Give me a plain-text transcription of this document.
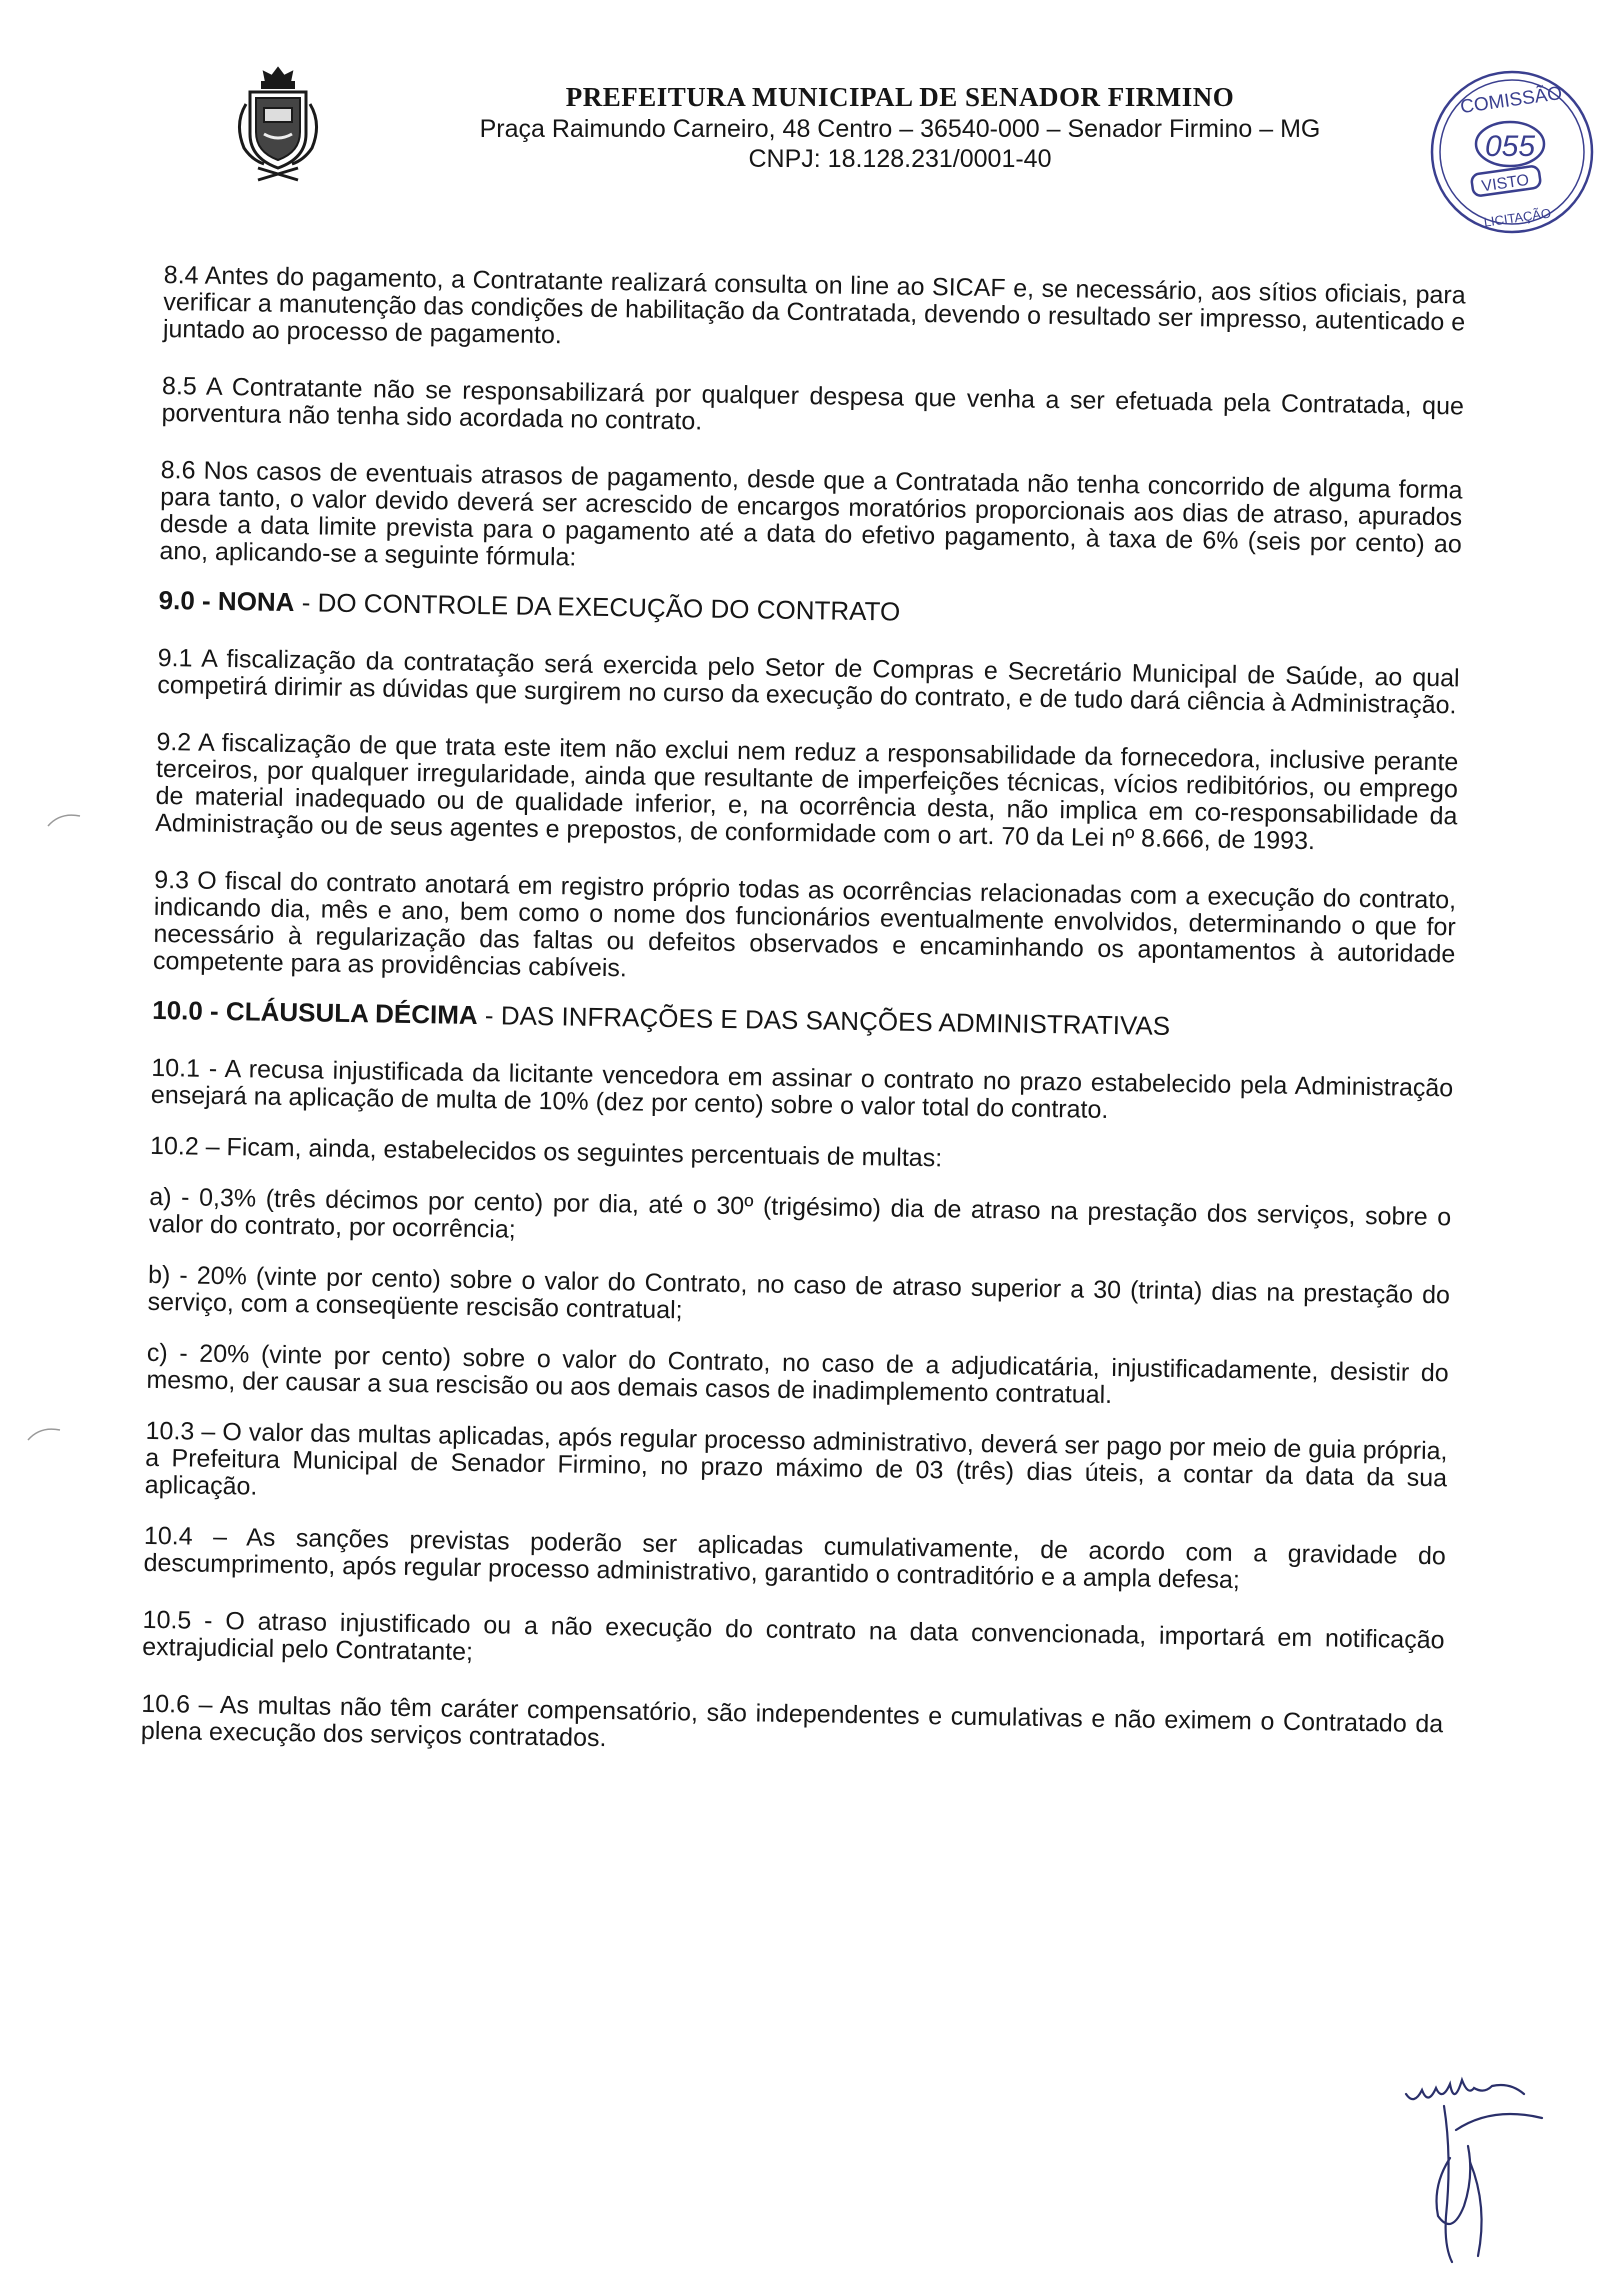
PREFEITURA MUNICIPAL DE SENADOR FIRMINO
Praça Raimundo Carneiro, 48 Centro – 36540-000 – Senador Firmino – MG
CNPJ: 18.128.231/0001-40
COMISSÃO
055
VISTO
LICITAÇÃO

8.4 Antes do pagamento, a Contratante realizará consulta on line ao SICAF e, se necessário, aos sítios oficiais, para verificar a manutenção das condições de habilitação da Contratada, devendo o resultado ser impresso, autenticado e juntado ao processo de pagamento.

8.5 A Contratante não se responsabilizará por qualquer despesa que venha a ser efetuada pela Contratada, que porventura não tenha sido acordada no contrato.

8.6 Nos casos de eventuais atrasos de pagamento, desde que a Contratada não tenha concorrido de alguma forma para tanto, o valor devido deverá ser acrescido de encargos moratórios proporcionais aos dias de atraso, apurados desde a data limite prevista para o pagamento até a data do efetivo pagamento, à taxa de 6% (seis por cento) ao ano, aplicando-se a seguinte fórmula:

9.0 - NONA - DO CONTROLE DA EXECUÇÃO DO CONTRATO

9.1 A fiscalização da contratação será exercida pelo Setor de Compras e Secretário Municipal de Saúde, ao qual competirá dirimir as dúvidas que surgirem no curso da execução do contrato, e de tudo dará ciência à Administração.

9.2 A fiscalização de que trata este item não exclui nem reduz a responsabilidade da fornecedora, inclusive perante terceiros, por qualquer irregularidade, ainda que resultante de imperfeições técnicas, vícios redibitórios, ou emprego de material inadequado ou de qualidade inferior, e, na ocorrência desta, não implica em co-responsabilidade da Administração ou de seus agentes e prepostos, de conformidade com o art. 70 da Lei nº 8.666, de 1993.

9.3 O fiscal do contrato anotará em registro próprio todas as ocorrências relacionadas com a execução do contrato, indicando dia, mês e ano, bem como o nome dos funcionários eventualmente envolvidos, determinando o que for necessário à regularização das faltas ou defeitos observados e encaminhando os apontamentos à autoridade competente para as providências cabíveis.

10.0 - CLÁUSULA DÉCIMA - DAS INFRAÇÕES E DAS SANÇÕES ADMINISTRATIVAS

10.1 - A recusa injustificada da licitante vencedora em assinar o contrato no prazo estabelecido pela Administração ensejará na aplicação de multa de 10% (dez por cento) sobre o valor total do contrato.

10.2 – Ficam, ainda, estabelecidos os seguintes percentuais de multas:

a) - 0,3% (três décimos por cento) por dia, até o 30º (trigésimo) dia de atraso na prestação dos serviços, sobre o valor do contrato, por ocorrência;

b) - 20% (vinte por cento) sobre o valor do Contrato, no caso de atraso superior a 30 (trinta) dias na prestação do serviço, com a conseqüente rescisão contratual;

c) - 20% (vinte por cento) sobre o valor do Contrato, no caso de a adjudicatária, injustificadamente, desistir do mesmo, der causar a sua rescisão ou aos demais casos de inadimplemento contratual.

10.3 – O valor das multas aplicadas, após regular processo administrativo, deverá ser pago por meio de guia própria, a Prefeitura Municipal de Senador Firmino, no prazo máximo de 03 (três) dias úteis, a contar da data da sua aplicação.

10.4 – As sanções previstas poderão ser aplicadas cumulativamente, de acordo com a gravidade do descumprimento, após regular processo administrativo, garantido o contraditório e a ampla defesa;

10.5 - O atraso injustificado ou a não execução do contrato na data convencionada, importará em notificação extrajudicial pelo Contratante;

10.6 – As multas não têm caráter compensatório, são independentes e cumulativas e não eximem o Contratado da plena execução dos serviços contratados.
